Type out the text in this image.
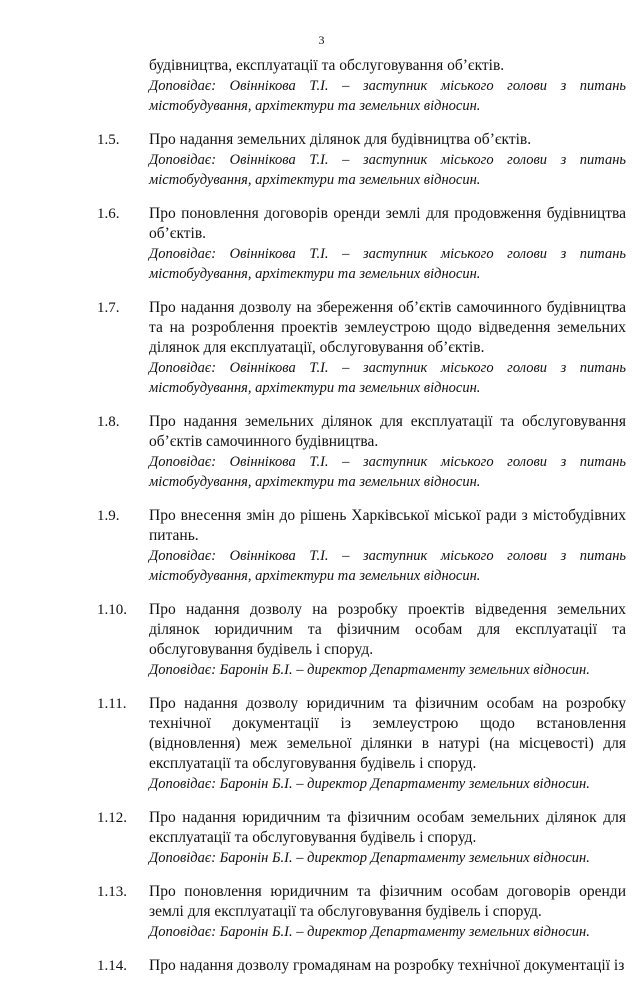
3
будівництва, експлуатації та обслуговування об’єктів.
Доповідає: Овіннікова Т.І. – заступник міського голови з питань містобудування, архітектури та земельних відносин.
1.5. Про надання земельних ділянок для будівництва об’єктів.
Доповідає: Овіннікова Т.І. – заступник міського голови з питань містобудування, архітектури та земельних відносин.
1.6. Про поновлення договорів оренди землі для продовження будівництва об’єктів.
Доповідає: Овіннікова Т.І. – заступник міського голови з питань містобудування, архітектури та земельних відносин.
1.7. Про надання дозволу на збереження об’єктів самочинного будівництва та на розроблення проектів землеустрою щодо відведення земельних ділянок для експлуатації, обслуговування об’єктів.
Доповідає: Овіннікова Т.І. – заступник міського голови з питань містобудування, архітектури та земельних відносин.
1.8. Про надання земельних ділянок для експлуатації та обслуговування об’єктів самочинного будівництва.
Доповідає: Овіннікова Т.І. – заступник міського голови з питань містобудування, архітектури та земельних відносин.
1.9. Про внесення змін до рішень Харківської міської ради з містобудівних питань.
Доповідає: Овіннікова Т.І. – заступник міського голови з питань містобудування, архітектури та земельних відносин.
1.10. Про надання дозволу на розробку проектів відведення земельних ділянок юридичним та фізичним особам для експлуатації та обслуговування будівель і споруд.
Доповідає: Баронін Б.І. – директор Департаменту земельних відносин.
1.11. Про надання дозволу юридичним та фізичним особам на розробку технічної документації із землеустрою щодо встановлення (відновлення) меж земельної ділянки в натурі (на місцевості) для експлуатації та обслуговування будівель і споруд.
Доповідає: Баронін Б.І. – директор Департаменту земельних відносин.
1.12. Про надання юридичним та фізичним особам земельних ділянок для експлуатації та обслуговування будівель і споруд.
Доповідає: Баронін Б.І. – директор Департаменту земельних відносин.
1.13. Про поновлення юридичним та фізичним особам договорів оренди землі для експлуатації та обслуговування будівель і споруд.
Доповідає: Баронін Б.І. – директор Департаменту земельних відносин.
1.14. Про надання дозволу громадянам на розробку технічної документації із
